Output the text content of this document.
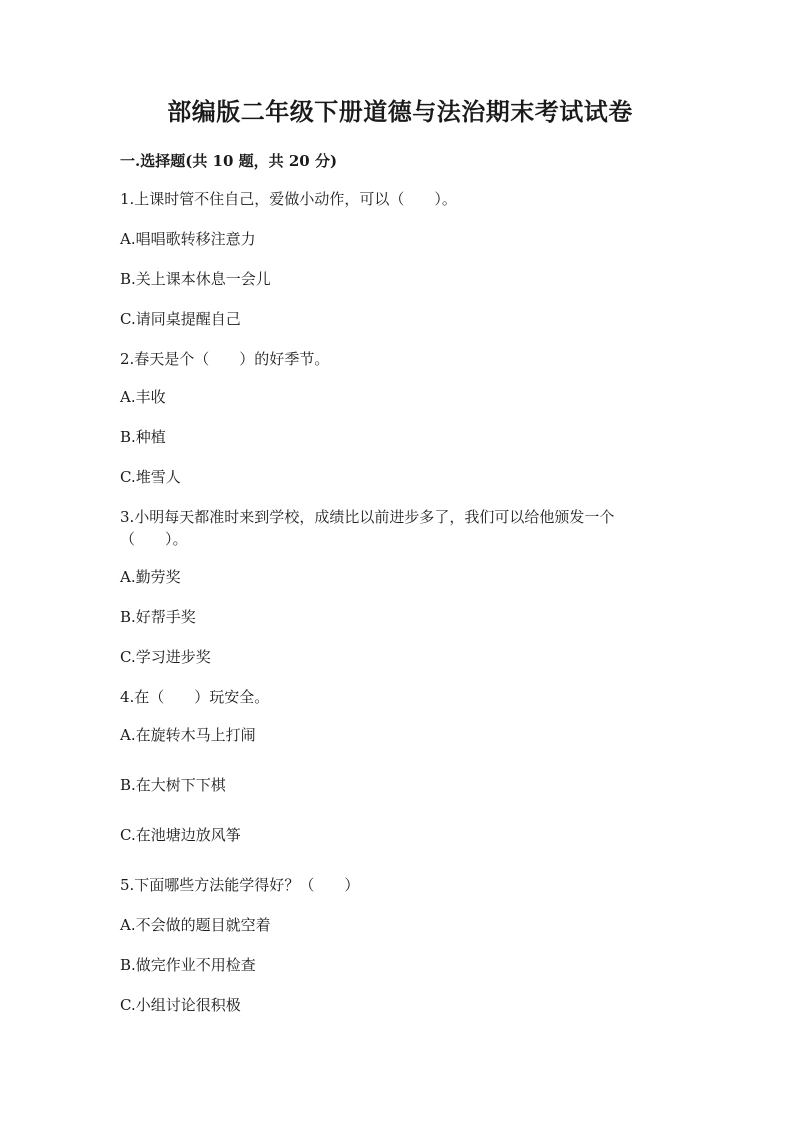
部编版二年级下册道德与法治期末考试试卷
一.选择题(共 10 题，共 20 分)
1.上课时管不住自己，爱做小动作，可以（　　）。
A.唱唱歌转移注意力
B.关上课本休息一会儿
C.请同桌提醒自己
2.春天是个（　　）的好季节。
A.丰收
B.种植
C.堆雪人
3.小明每天都准时来到学校，成绩比以前进步多了，我们可以给他颁发一个
（　　）。
A.勤劳奖
B.好帮手奖
C.学习进步奖
4.在（　　）玩安全。
A.在旋转木马上打闹
B.在大树下下棋
C.在池塘边放风筝
5.下面哪些方法能学得好？（　　）
A.不会做的题目就空着
B.做完作业不用检查
C.小组讨论很积极
